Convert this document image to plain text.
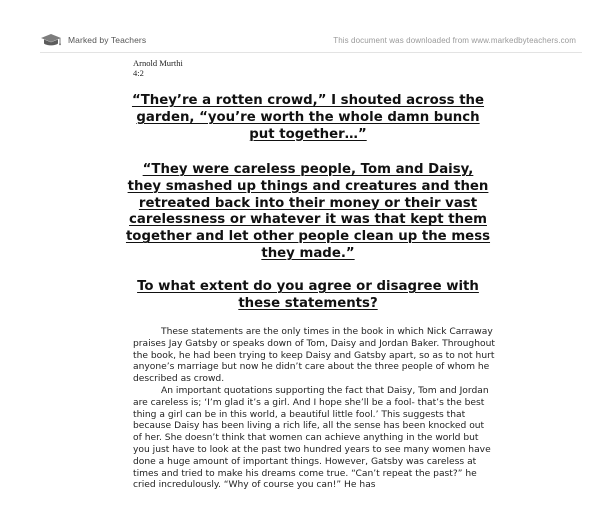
Marked by Teachers	This document was downloaded from www.markedbyteachers.com
Arnold Murthi
4:2
“They’re a rotten crowd,” I shouted across the garden, “you’re worth the whole damn bunch put together…”
“They were careless people, Tom and Daisy, they smashed up things and creatures and then retreated back into their money or their vast carelessness or whatever it was that kept them together and let other people clean up the mess they made.”
To what extent do you agree or disagree with these statements?

These statements are the only times in the book in which Nick Carraway praises Jay Gatsby or speaks down of Tom, Daisy and Jordan Baker. Throughout the book, he had been trying to keep Daisy and Gatsby apart, so as to not hurt anyone’s marriage but now he didn’t care about the three people of whom he described as crowd.

An important quotations supporting the fact that Daisy, Tom and Jordan are careless is; ‘I’m glad it’s a girl. And I hope she’ll be a fool- that’s the best thing a girl can be in this world, a beautiful little fool.’ This suggests that because Daisy has been living a rich life, all the sense has been knocked out of her. She doesn’t think that women can achieve anything in the world but you just have to look at the past two hundred years to see many women have done a huge amount of important things. However, Gatsby was careless at times and tried to make his dreams come true. “Can’t repeat the past?” he cried incredulously. “Why of course you can!” He has
